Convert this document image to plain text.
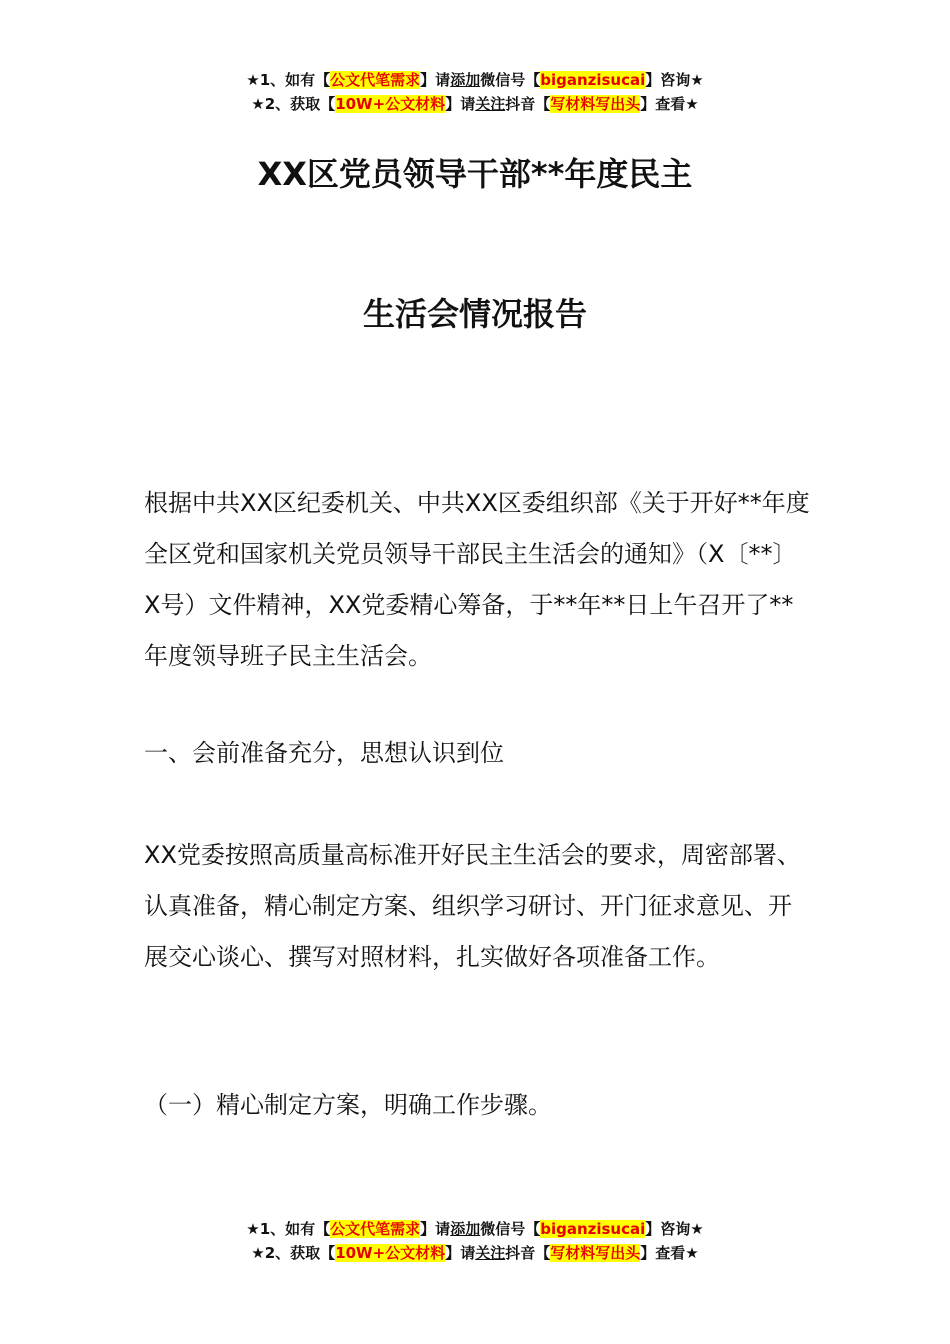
★1、如有【公文代笔需求】请添加微信号【biganzisucai】咨询★
★2、获取【10W+公文材料】请关注抖音【写材料写出头】查看★
XX区党员领导干部**年度民主
生活会情况报告

根据中共XX区纪委机关、中共XX区委组织部《关于开好**年度全区党和国家机关党员领导干部民主生活会的通知》（X〔**〕X号）文件精神，XX党委精心筹备，于**年**日上午召开了**年度领导班子民主生活会。

一、会前准备充分，思想认识到位

XX党委按照高质量高标准开好民主生活会的要求，周密部署、认真准备，精心制定方案、组织学习研讨、开门征求意见、开展交心谈心、撰写对照材料，扎实做好各项准备工作。

（一）精心制定方案，明确工作步骤。

★1、如有【公文代笔需求】请添加微信号【biganzisucai】咨询★
★2、获取【10W+公文材料】请关注抖音【写材料写出头】查看★
